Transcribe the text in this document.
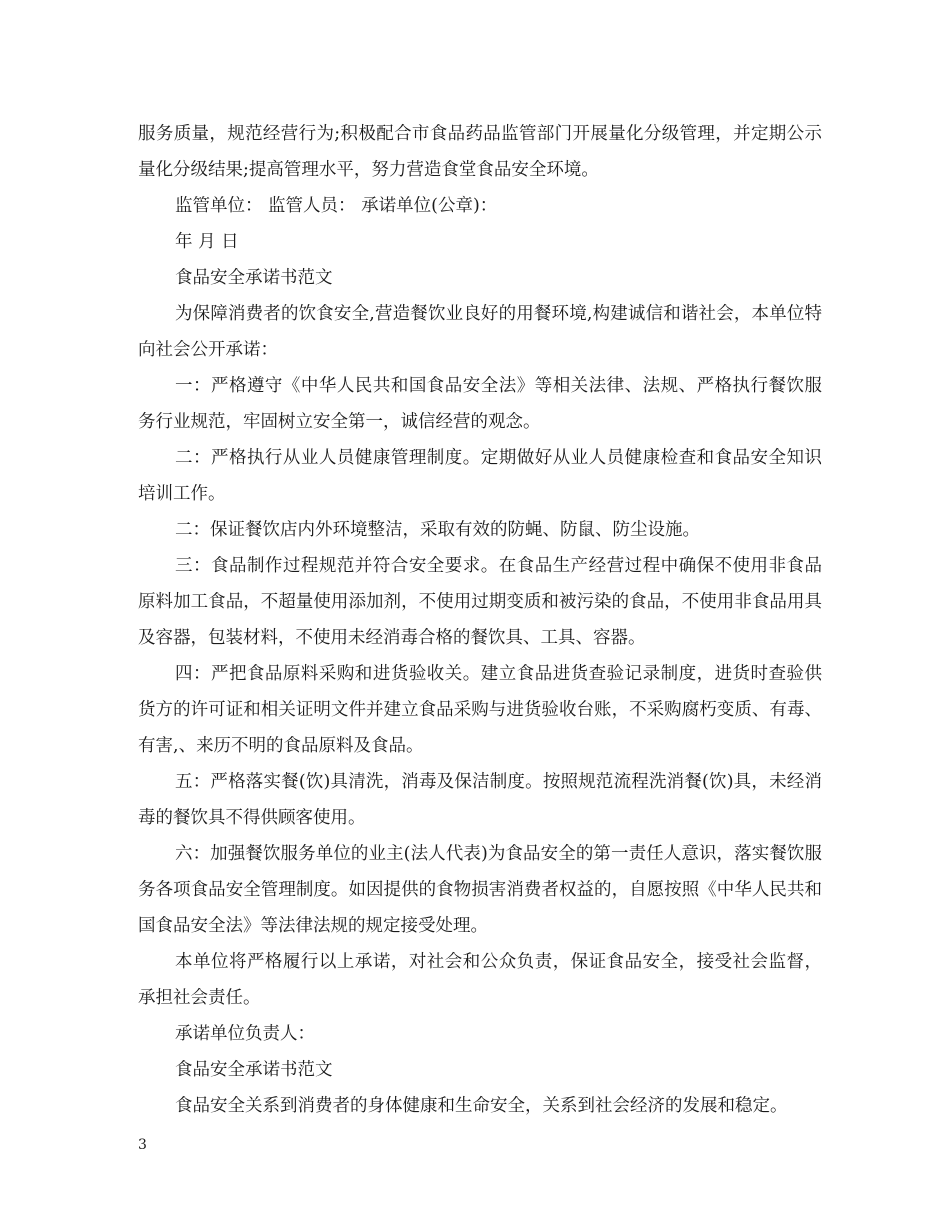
服务质量，规范经营行为;积极配合市食品药品监管部门开展量化分级管理，并定期公示量化分级结果;提高管理水平，努力营造食堂食品安全环境。

监管单位： 监管人员： 承诺单位(公章)：

年 月 日

食品安全承诺书范文

为保障消费者的饮食安全,营造餐饮业良好的用餐环境,构建诚信和谐社会，本单位特向社会公开承诺：

一：严格遵守《中华人民共和国食品安全法》等相关法律、法规、严格执行餐饮服务行业规范，牢固树立安全第一，诚信经营的观念。

二：严格执行从业人员健康管理制度。定期做好从业人员健康检查和食品安全知识培训工作。

二：保证餐饮店内外环境整洁，采取有效的防蝇、防鼠、防尘设施。

三：食品制作过程规范并符合安全要求。在食品生产经营过程中确保不使用非食品原料加工食品，不超量使用添加剂，不使用过期变质和被污染的食品，不使用非食品用具及容器，包装材料，不使用未经消毒合格的餐饮具、工具、容器。

四：严把食品原料采购和进货验收关。建立食品进货查验记录制度，进货时查验供货方的许可证和相关证明文件并建立食品采购与进货验收台账，不采购腐朽变质、有毒、有害,、来历不明的食品原料及食品。

五：严格落实餐(饮)具清洗，消毒及保洁制度。按照规范流程洗消餐(饮)具，未经消毒的餐饮具不得供顾客使用。

六：加强餐饮服务单位的业主(法人代表)为食品安全的第一责任人意识，落实餐饮服务各项食品安全管理制度。如因提供的食物损害消费者权益的，自愿按照《中华人民共和国食品安全法》等法律法规的规定接受处理。

本单位将严格履行以上承诺，对社会和公众负责，保证食品安全，接受社会监督，承担社会责任。

承诺单位负责人：

食品安全承诺书范文

食品安全关系到消费者的身体健康和生命安全，关系到社会经济的发展和稳定。

3
